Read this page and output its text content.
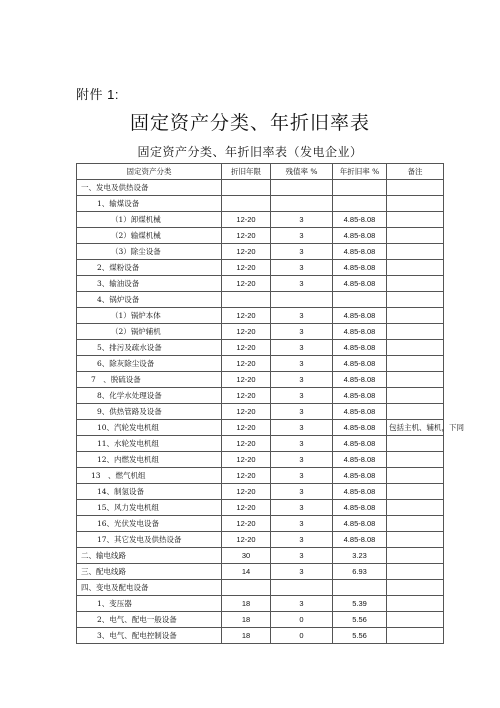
附件 1:
固定资产分类、年折旧率表
固定资产分类、年折旧率表（发电企业）
固定资产分类	折旧年限	残值率 %	年折旧率 %	备注
一、发电及供热设备				
1、输煤设备				
（1）卸煤机械	12-20	3	4.85-8.08	
（2）输煤机械	12-20	3	4.85-8.08	
（3）除尘设备	12-20	3	4.85-8.08	
2、煤粉设备	12-20	3	4.85-8.08	
3、输油设备	12-20	3	4.85-8.08	
4、锅炉设备				
（1）锅炉本体	12-20	3	4.85-8.08	
（2）锅炉辅机	12-20	3	4.85-8.08	
5、排污及疏水设备	12-20	3	4.85-8.08	
6、除灰除尘设备	12-20	3	4.85-8.08	
7　、脱硫设备	12-20	3	4.85-8.08	
8、化学水处理设备	12-20	3	4.85-8.08	
9、供热管路及设备	12-20	3	4.85-8.08	
10、汽轮发电机组	12-20	3	4.85-8.08	包括主机、辅机，下同
11、水轮发电机组	12-20	3	4.85-8.08	
12、内燃发电机组	12-20	3	4.85-8.08	
13　、燃气机组	12-20	3	4.85-8.08	
14、制氢设备	12-20	3	4.85-8.08	
15、风力发电机组	12-20	3	4.85-8.08	
16、光伏发电设备	12-20	3	4.85-8.08	
17、其它发电及供热设备	12-20	3	4.85-8.08	
二、输电线路	30	3	3.23	
三、配电线路	14	3	6.93	
四、变电及配电设备				
1、变压器	18	3	5.39	
2、电气、配电一般设备	18	0	5.56	
3、电气、配电控制设备	18	0	5.56	
